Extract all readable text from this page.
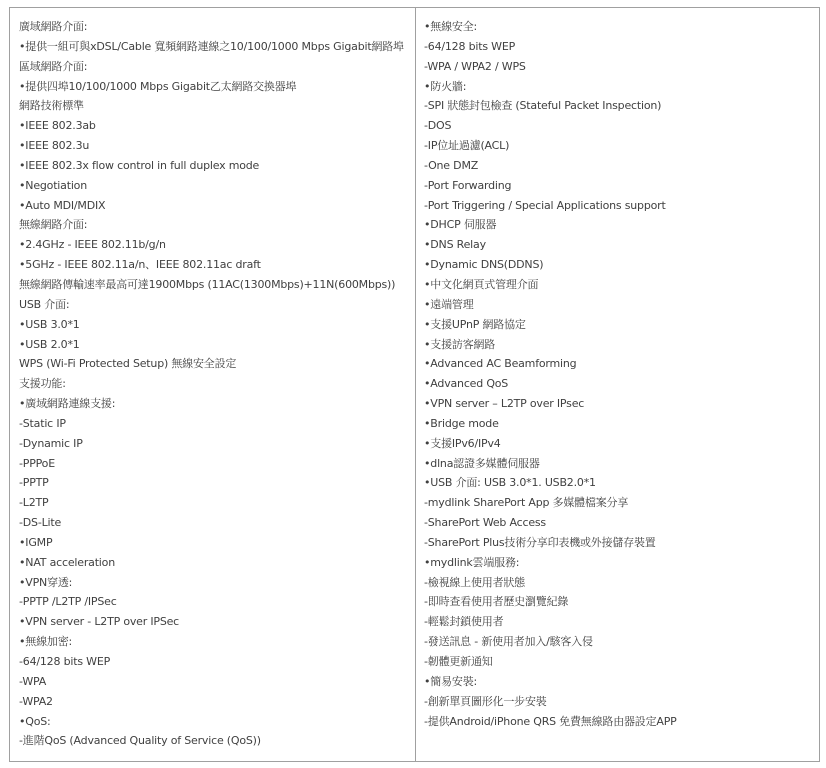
廣域網路介面:
•提供一組可與xDSL/Cable 寬頻網路連線之10/100/1000 Mbps Gigabit網路埠
區域網路介面:
•提供四埠10/100/1000 Mbps Gigabit乙太網路交換器埠
網路技術標準
•IEEE 802.3ab
•IEEE 802.3u
•IEEE 802.3x flow control in full duplex mode
•Negotiation
•Auto MDI/MDIX
無線網路介面:
•2.4GHz - IEEE 802.11b/g/n
•5GHz - IEEE 802.11a/n、IEEE 802.11ac draft
無線網路傳輸速率最高可達1900Mbps (11AC(1300Mbps)+11N(600Mbps))
USB 介面:
•USB 3.0*1
•USB 2.0*1
WPS (Wi-Fi Protected Setup) 無線安全設定
支援功能:
•廣域網路連線支援:
-Static IP
-Dynamic IP
-PPPoE
-PPTP
-L2TP
-DS-Lite
•IGMP
•NAT acceleration
•VPN穿透:
-PPTP /L2TP /IPSec
•VPN server - L2TP over IPSec
•無線加密:
-64/128 bits WEP
-WPA
-WPA2
•QoS:
-進階QoS (Advanced Quality of Service (QoS))
•無線安全:
-64/128 bits WEP
-WPA / WPA2 / WPS
•防火牆:
-SPI 狀態封包檢查 (Stateful Packet Inspection)
-DOS
-IP位址過濾(ACL)
-One DMZ
-Port Forwarding
-Port Triggering / Special Applications support
•DHCP 伺服器
•DNS Relay
•Dynamic DNS(DDNS)
•中文化網頁式管理介面
•遠端管理
•支援UPnP 網路協定
•支援訪客網路
•Advanced AC Beamforming
•Advanced QoS
•VPN server – L2TP over IPsec
•Bridge mode
•支援IPv6/IPv4
•dlna認證多媒體伺服器
•USB 介面: USB 3.0*1. USB2.0*1
-mydlink SharePort App 多媒體檔案分享
-SharePort Web Access
-SharePort Plus技術分享印表機或外接儲存裝置
•mydlink雲端服務:
-檢視線上使用者狀態
-即時查看使用者歷史瀏覽紀錄
-輕鬆封鎖使用者
-發送訊息 - 新使用者加入/駭客入侵
-韌體更新通知
•簡易安裝:
-創新單頁圖形化一步安裝
-提供Android/iPhone QRS 免費無線路由器設定APP
